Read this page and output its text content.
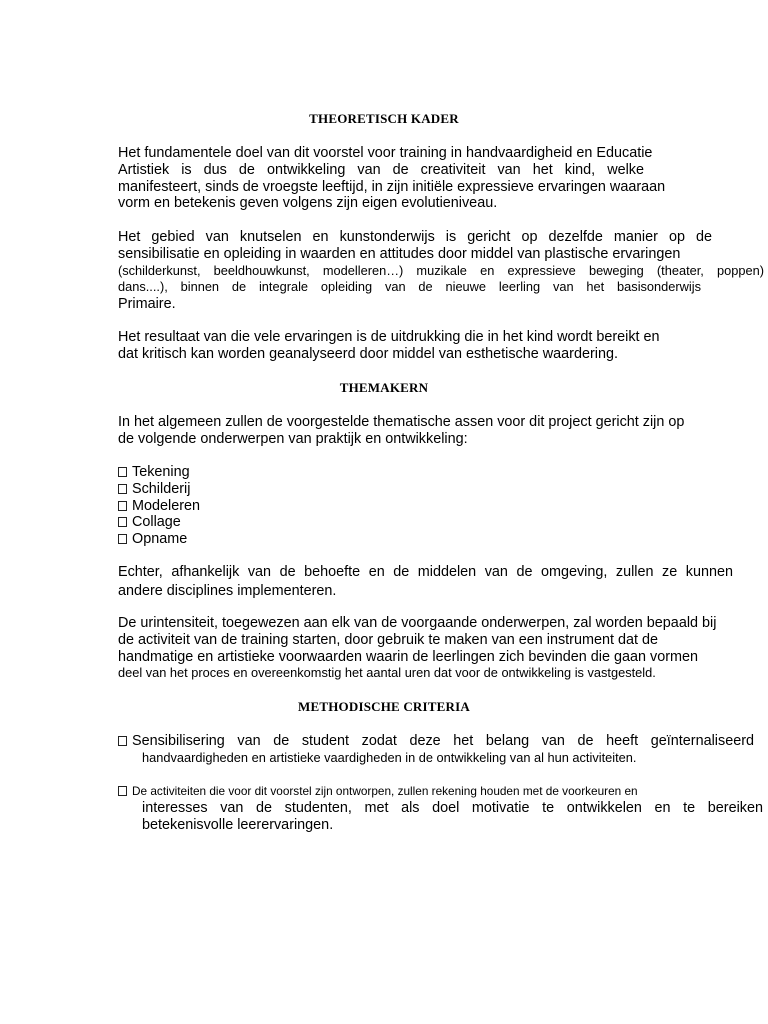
THEORETISCH KADER
Het fundamentele doel van dit voorstel voor training in handvaardigheid en Educatie
Artistiek is dus de ontwikkeling van de creativiteit van het kind, welke
manifesteert, sinds de vroegste leeftijd, in zijn initiële expressieve ervaringen waaraan
vorm en betekenis geven volgens zijn eigen evolutieniveau.
Het gebied van knutselen en kunstonderwijs is gericht op dezelfde manier op de
sensibilisatie en opleiding in waarden en attitudes door middel van plastische ervaringen
(schilderkunst, beeldhouwkunst, modelleren…) muzikale en expressieve beweging (theater, poppen)
dans....), binnen de integrale opleiding van de nieuwe leerling van het basisonderwijs
Primaire.
Het resultaat van die vele ervaringen is de uitdrukking die in het kind wordt bereikt en
dat kritisch kan worden geanalyseerd door middel van esthetische waardering.
THEMAKERN
In het algemeen zullen de voorgestelde thematische assen voor dit project gericht zijn op
de volgende onderwerpen van praktijk en ontwikkeling:
Tekening
Schilderij
Modeleren
Collage
Opname
Echter, afhankelijk van de behoefte en de middelen van de omgeving, zullen ze kunnen
andere disciplines implementeren.
De urintensiteit, toegewezen aan elk van de voorgaande onderwerpen, zal worden bepaald bij
de activiteit van de training starten, door gebruik te maken van een instrument dat de
handmatige en artistieke voorwaarden waarin de leerlingen zich bevinden die gaan vormen
deel van het proces en overeenkomstig het aantal uren dat voor de ontwikkeling is vastgesteld.
METHODISCHE CRITERIA
Sensibilisering van de student zodat deze het belang van de heeft geïnternaliseerd
handvaardigheden en artistieke vaardigheden in de ontwikkeling van al hun activiteiten.
De activiteiten die voor dit voorstel zijn ontworpen, zullen rekening houden met de voorkeuren en
interesses van de studenten, met als doel motivatie te ontwikkelen en te bereiken
betekenisvolle leerervaringen.
